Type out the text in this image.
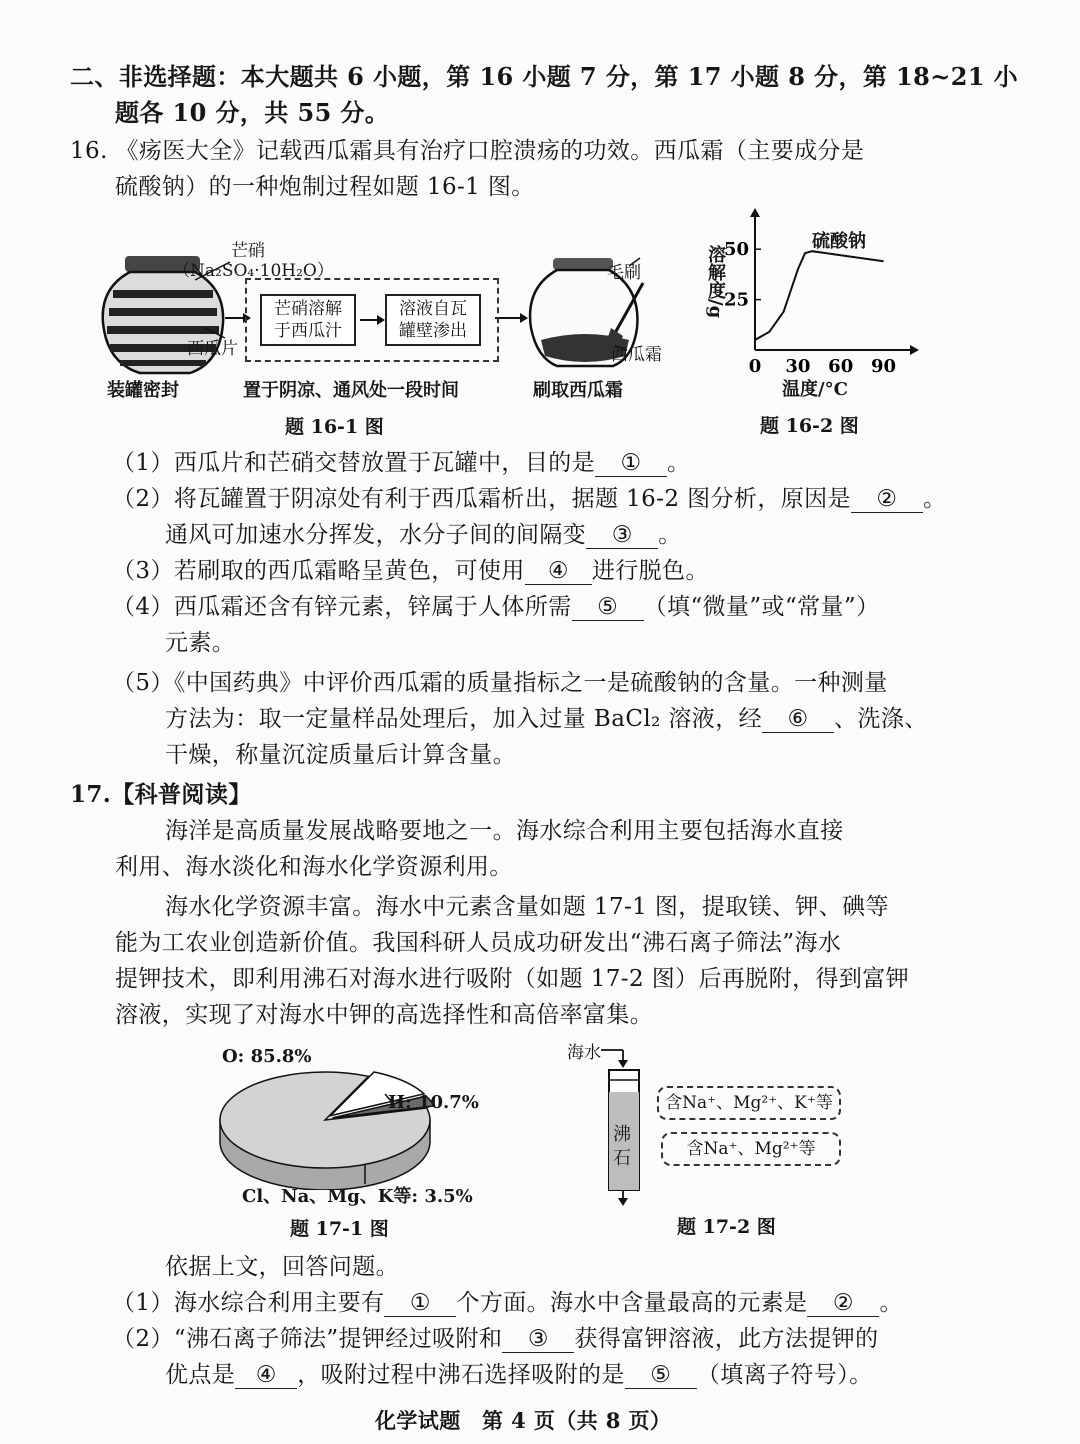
二、非选择题：本大题共 6 小题，第 16 小题 7 分，第 17 小题 8 分，第 18~21 小
题各 10 分，共 55 分。
16. 《疡医大全》记载西瓜霜具有治疗口腔溃疡的功效。西瓜霜（主要成分是
硫酸钠）的一种炮制过程如题 16-1 图。
芒硝
（Na₂SO₄·10H₂O）
西瓜片
芒硝溶解
于西瓜汁
溶液自瓦
罐壁渗出
毛刷
西瓜霜
装罐密封	置于阴凉、通风处一段时间	刷取西瓜霜
题 16-1 图
25
50
0 30 60 90
溶解度/g
硫酸钠
温度/°C
题 16-2 图
（1）西瓜片和芒硝交替放置于瓦罐中，目的是 ① 。
（2）将瓦罐置于阴凉处有利于西瓜霜析出，据题 16-2 图分析，原因是 ② 。
通风可加速水分挥发，水分子间的间隔变 ③ 。
（3）若刷取的西瓜霜略呈黄色，可使用 ④ 进行脱色。
（4）西瓜霜还含有锌元素，锌属于人体所需 ⑤ （填“微量”或“常量”）
元素。
（5）《中国药典》中评价西瓜霜的质量指标之一是硫酸钠的含量。一种测量
方法为：取一定量样品处理后，加入过量 BaCl₂ 溶液，经 ⑥ 、洗涤、
干燥，称量沉淀质量后计算含量。
17.【科普阅读】
海洋是高质量发展战略要地之一。海水综合利用主要包括海水直接
利用、海水淡化和海水化学资源利用。
海水化学资源丰富。海水中元素含量如题 17-1 图，提取镁、钾、碘等
能为工农业创造新价值。我国科研人员成功研发出“沸石离子筛法”海水
提钾技术，即利用沸石对海水进行吸附（如题 17-2 图）后再脱附，得到富钾
溶液，实现了对海水中钾的高选择性和高倍率富集。
O: 85.8%
H: 10.7%
Cl、Na、Mg、K等: 3.5%
题 17-1 图
海水
沸
石
含Na⁺、Mg²⁺、K⁺等
含Na⁺、Mg²⁺等
题 17-2 图
依据上文，回答问题。
（1）海水综合利用主要有 ① 个方面。海水中含量最高的元素是 ② 。
（2）“沸石离子筛法”提钾经过吸附和 ③ 获得富钾溶液，此方法提钾的
优点是 ④ ，吸附过程中沸石选择吸附的是 ⑤ （填离子符号）。
化学试题　第 4 页（共 8 页）
